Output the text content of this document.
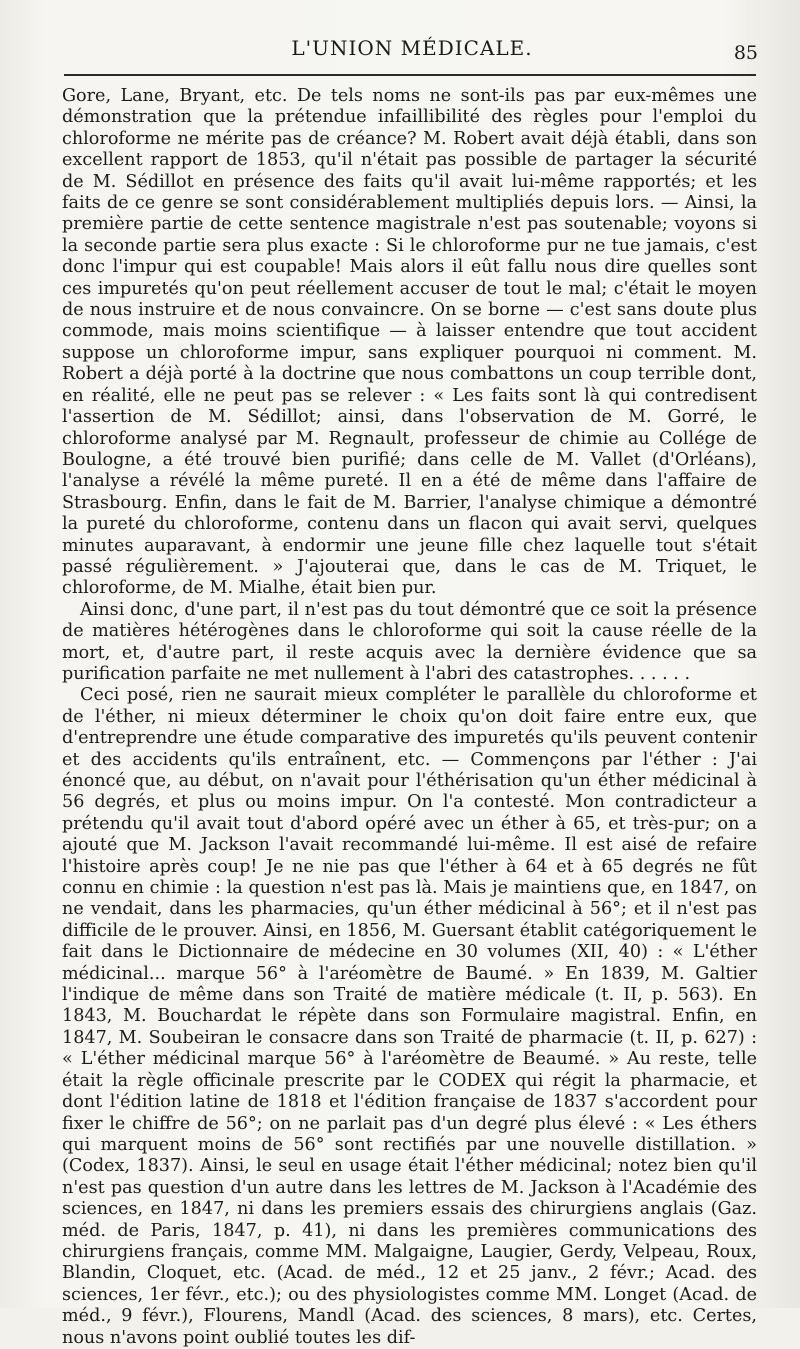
L'UNION MÉDICALE.	85

Gore, Lane, Bryant, etc. De tels noms ne sont-ils pas par eux-mêmes une démonstration que la prétendue infaillibilité des règles pour l'emploi du chloroforme ne mérite pas de créance? M. Robert avait déjà établi, dans son excellent rapport de 1853, qu'il n'était pas possible de partager la sécurité de M. Sédillot en présence des faits qu'il avait lui-même rapportés; et les faits de ce genre se sont considérablement multipliés depuis lors. — Ainsi, la première partie de cette sentence magistrale n'est pas soutenable; voyons si la seconde partie sera plus exacte : Si le chloroforme pur ne tue jamais, c'est donc l'impur qui est coupable! Mais alors il eût fallu nous dire quelles sont ces impuretés qu'on peut réellement accuser de tout le mal; c'était le moyen de nous instruire et de nous convaincre. On se borne — c'est sans doute plus commode, mais moins scientifique — à laisser entendre que tout accident suppose un chloroforme impur, sans expliquer pourquoi ni comment. M. Robert a déjà porté à la doctrine que nous combattons un coup terrible dont, en réalité, elle ne peut pas se relever : « Les faits sont là qui contredisent l'assertion de M. Sédillot; ainsi, dans l'observation de M. Gorré, le chloroforme analysé par M. Regnault, professeur de chimie au Collége de Boulogne, a été trouvé bien purifié; dans celle de M. Vallet (d'Orléans), l'analyse a révélé la même pureté. Il en a été de même dans l'affaire de Strasbourg. Enfin, dans le fait de M. Barrier, l'analyse chimique a démontré la pureté du chloroforme, contenu dans un flacon qui avait servi, quelques minutes auparavant, à endormir une jeune fille chez laquelle tout s'était passé régulièrement. » J'ajouterai que, dans le cas de M. Triquet, le chloroforme, de M. Mialhe, était bien pur.

Ainsi donc, d'une part, il n'est pas du tout démontré que ce soit la présence de matières hétérogènes dans le chloroforme qui soit la cause réelle de la mort, et, d'autre part, il reste acquis avec la dernière évidence que sa purification parfaite ne met nullement à l'abri des catastrophes. . . . . .

Ceci posé, rien ne saurait mieux compléter le parallèle du chloroforme et de l'éther, ni mieux déterminer le choix qu'on doit faire entre eux, que d'entreprendre une étude comparative des impuretés qu'ils peuvent contenir et des accidents qu'ils entraînent, etc. — Commençons par l'éther : J'ai énoncé que, au début, on n'avait pour l'éthérisation qu'un éther médicinal à 56 degrés, et plus ou moins impur. On l'a contesté. Mon contradicteur a prétendu qu'il avait tout d'abord opéré avec un éther à 65, et très-pur; on a ajouté que M. Jackson l'avait recommandé lui-même. Il est aisé de refaire l'histoire après coup! Je ne nie pas que l'éther à 64 et à 65 degrés ne fût connu en chimie : la question n'est pas là. Mais je maintiens que, en 1847, on ne vendait, dans les pharmacies, qu'un éther médicinal à 56°; et il n'est pas difficile de le prouver. Ainsi, en 1856, M. Guersant établit catégoriquement le fait dans le Dictionnaire de médecine en 30 volumes (XII, 40) : « L'éther médicinal... marque 56° à l'aréomètre de Baumé. » En 1839, M. Galtier l'indique de même dans son Traité de matière médicale (t. II, p. 563). En 1843, M. Bouchardat le répète dans son Formulaire magistral. Enfin, en 1847, M. Soubeiran le consacre dans son Traité de pharmacie (t. II, p. 627) : « L'éther médicinal marque 56° à l'aréomètre de Beaumé. » Au reste, telle était la règle officinale prescrite par le CODEX qui régit la pharmacie, et dont l'édition latine de 1818 et l'édition française de 1837 s'accordent pour fixer le chiffre de 56°; on ne parlait pas d'un degré plus élevé : « Les éthers qui marquent moins de 56° sont rectifiés par une nouvelle distillation. » (Codex, 1837). Ainsi, le seul en usage était l'éther médicinal; notez bien qu'il n'est pas question d'un autre dans les lettres de M. Jackson à l'Académie des sciences, en 1847, ni dans les premiers essais des chirurgiens anglais (Gaz. méd. de Paris, 1847, p. 41), ni dans les premières communications des chirurgiens français, comme MM. Malgaigne, Laugier, Gerdy, Velpeau, Roux, Blandin, Cloquet, etc. (Acad. de méd., 12 et 25 janv., 2 févr.; Acad. des sciences, 1er févr., etc.); ou des physiologistes comme MM. Longet (Acad. de méd., 9 févr.), Flourens, Mandl (Acad. des sciences, 8 mars), etc. Certes, nous n'avons point oublié toutes les dif-
